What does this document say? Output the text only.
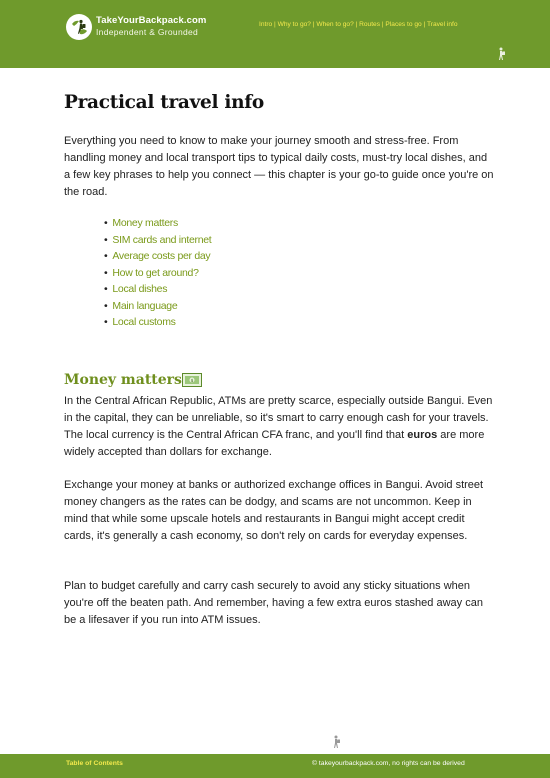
TakeYourBackpack.com
Independent & Grounded
Intro | Why to go? | When to go? | Routes | Places to go | Travel info
Practical travel info
Everything you need to know to make your journey smooth and stress-free. From handling money and local transport tips to typical daily costs, must-try local dishes, and a few key phrases to help you connect — this chapter is your go-to guide once you're on the road.
• Money matters
• SIM cards and internet
• Average costs per day
• How to get around?
• Local dishes
• Main language
• Local customs
Money matters $

In the Central African Republic, ATMs are pretty scarce, especially outside Bangui. Even in the capital, they can be unreliable, so it's smart to carry enough cash for your travels. The local currency is the Central African CFA franc, and you'll find that euros are more widely accepted than dollars for exchange.

Exchange your money at banks or authorized exchange offices in Bangui. Avoid street money changers as the rates can be dodgy, and scams are not uncommon. Keep in mind that while some upscale hotels and restaurants in Bangui might accept credit cards, it's generally a cash economy, so don't rely on cards for everyday expenses.

Plan to budget carefully and carry cash securely to avoid any sticky situations when you're off the beaten path. And remember, having a few extra euros stashed away can be a lifesaver if you run into ATM issues.

Table of Contents	© takeyourbackpack.com, no rights can be derived
